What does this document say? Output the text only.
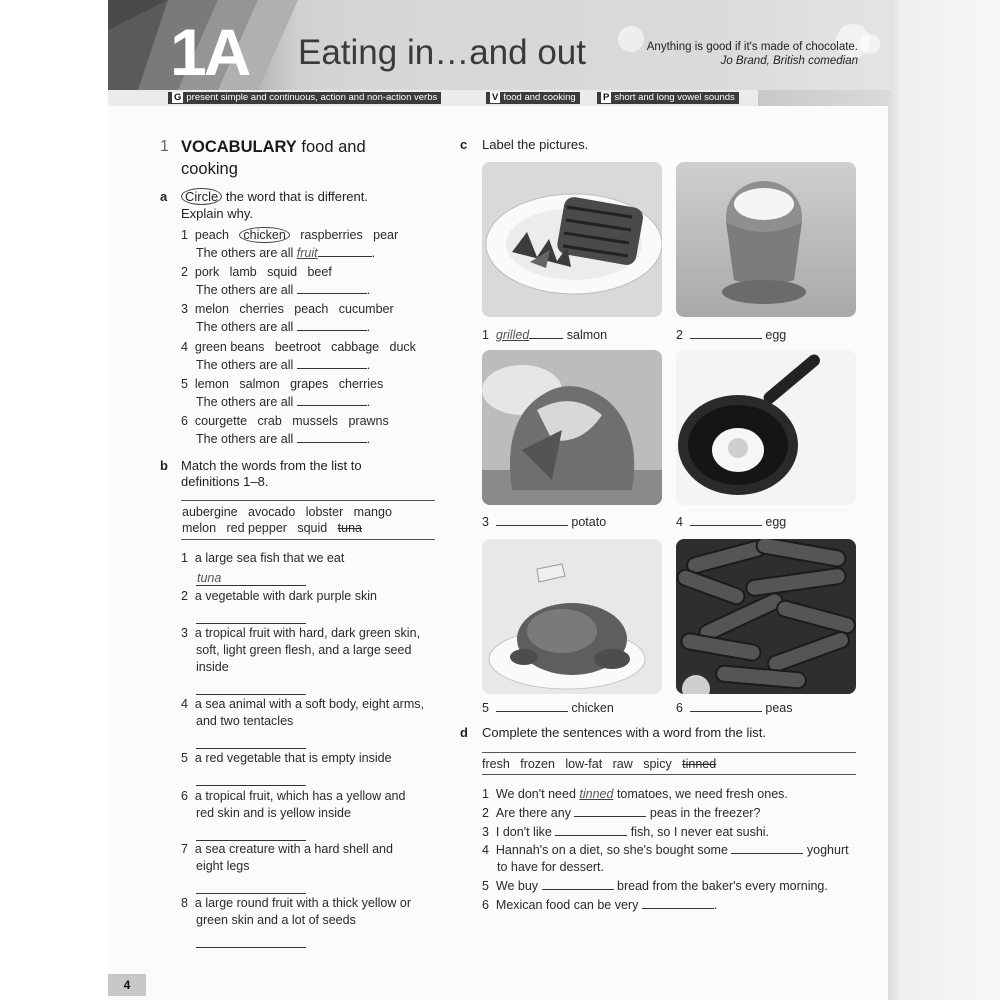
1A Eating in…and out	Anything is good if it's made of chocolate.
Jo Brand, British comedian
G present simple and continuous, action and non-action verbs	V food and cooking	P short and long vowel sounds
1 VOCABULARY food and
cooking
a	Circle the word that is different.
Explain why.
1 peach chicken raspberries pear
The others are all fruit	.
2 pork lamb squid beef
The others are all	.
3 melon cherries peach cucumber
The others are all	.
4 green beans beetroot cabbage duck
The others are all	.
5 lemon salmon grapes cherries
The others are all	.
6 courgette crab mussels prawns
The others are all	.
b Match the words from the list to
definitions 1–8.
aubergine avocado lobster mango
melon red pepper squid tuna
1 a large sea fish that we eat
tuna
2 a vegetable with dark purple skin
3 a tropical fruit with hard, dark green skin,
soft, light green flesh, and a large seed
inside
4 a sea animal with a soft body, eight arms,
and two tentacles
5 a red vegetable that is empty inside
6 a tropical fruit, which has a yellow and
red skin and is yellow inside
7 a sea creature with a hard shell and
eight legs
8 a large round fruit with a thick yellow or
green skin and a lot of seeds
c Label the pictures.
1 grilled	salmon	2	egg
3	potato	4	egg
5	chicken	6	peas
d Complete the sentences with a word from the list.
fresh frozen low-fat raw spicy tinned
1 We don't need tinned tomatoes, we need fresh ones.
2 Are there any	peas in the freezer?
3 I don't like	fish, so I never eat sushi.
4 Hannah's on a diet, so she's bought some	yoghurt
to have for dessert.
5 We buy	bread from the baker's every morning.
6 Mexican food can be very	.
4
